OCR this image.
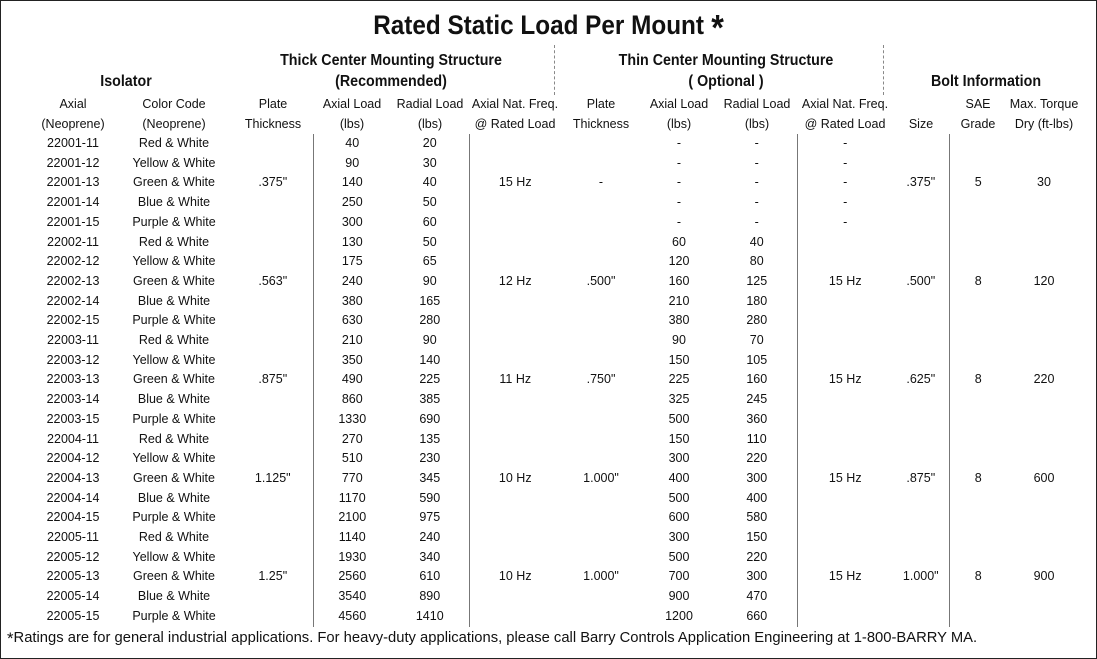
Rated Static Load Per Mount *
Isolator
Thick Center Mounting Structure
(Recommended)
Thin Center Mounting Structure
( Optional )	Bolt Information
Axial	Color Code	Plate	Axial Load	Radial Load	Axial Nat. Freq.	Plate	Axial Load	Radial Load	Axial Nat. Freq.		SAE	Max. Torque
(Neoprene)	(Neoprene)	Thickness	(lbs)	(lbs)	@ Rated Load	Thickness	(lbs)	(lbs)	@ Rated Load	Size	Grade	Dry (ft-lbs)
22001-11	Red & White		40	20			-	-	-			
22001-12	Yellow & White		90	30			-	-	-			
22001-13	Green & White	.375"	140	40	15 Hz	-	-	-	-	.375"	5	30
22001-14	Blue & White		250	50			-	-	-			
22001-15	Purple & White		300	60			-	-	-			
22002-11	Red & White		130	50			60	40				
22002-12	Yellow & White		175	65			120	80				
22002-13	Green & White	.563"	240	90	12 Hz	.500"	160	125	15 Hz	.500"	8	120
22002-14	Blue & White		380	165			210	180				
22002-15	Purple & White		630	280			380	280				
22003-11	Red & White		210	90			90	70				
22003-12	Yellow & White		350	140			150	105				
22003-13	Green & White	.875"	490	225	11 Hz	.750"	225	160	15 Hz	.625"	8	220
22003-14	Blue & White		860	385			325	245				
22003-15	Purple & White		1330	690			500	360				
22004-11	Red & White		270	135			150	110				
22004-12	Yellow & White		510	230			300	220				
22004-13	Green & White	1.125"	770	345	10 Hz	1.000"	400	300	15 Hz	.875"	8	600
22004-14	Blue & White		1170	590			500	400				
22004-15	Purple & White		2100	975			600	580				
22005-11	Red & White		1140	240			300	150				
22005-12	Yellow & White		1930	340			500	220				
22005-13	Green & White	1.25"	2560	610	10 Hz	1.000"	700	300	15 Hz	1.000"	8	900
22005-14	Blue & White		3540	890			900	470				
22005-15	Purple & White		4560	1410			1200	660				
*Ratings are for general industrial applications. For heavy-duty applications, please call Barry Controls Application Engineering at 1-800-BARRY MA.
